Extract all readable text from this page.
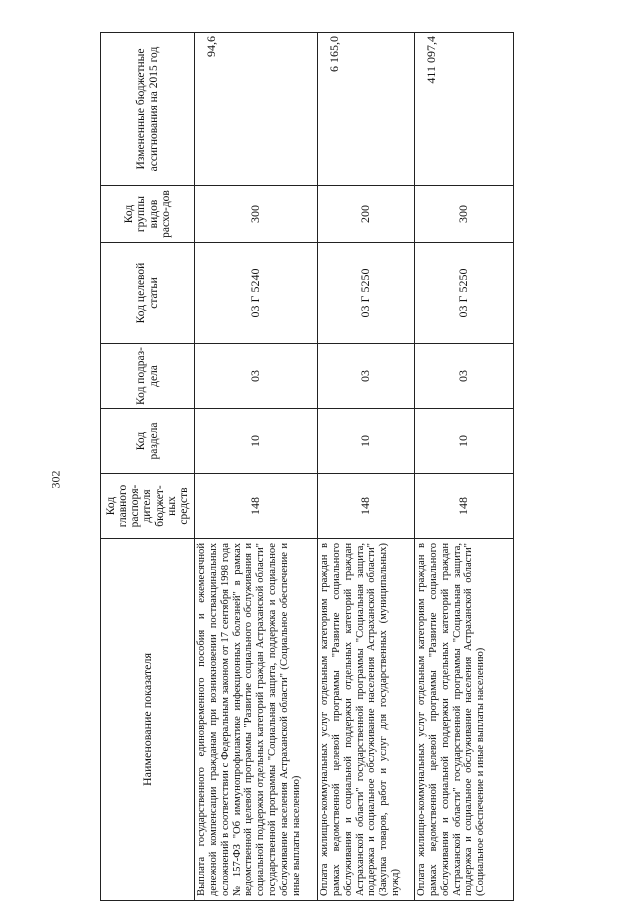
302
Наименование показателя	Код главного распоря-дителя бюджет-ных средств	Код раздела	Код подраз-дела	Код целевой статьи	Код группы видов расхо-дов	Измененные бюджетные ассигнования на 2015 год
Выплата государственного единовременного пособия и ежемесячной денежной компенсации гражданам при возникновении поствакцинальных осложнений в соответствии с Федеральным законом от 17 сентября 1998 года № 157-ФЗ "Об иммунопрофилактике инфекционных болезней" в рамках ведомственной целевой программы "Развитие социального обслуживания и социальной поддержки отдельных категорий граждан Астраханской области" государственной программы "Социальная защита, поддержка и социальное обслуживание населения Астраханской области" (Социальное обеспечение и иные выплаты населению)	148	10	03	03 Г 5240	300	94,6
Оплата жилищно-коммунальных услуг отдельным категориям граждан в рамках ведомственной целевой программы "Развитие социального обслуживания и социальной поддержки отдельных категорий граждан Астраханской области" государственной программы "Социальная защита, поддержка и социальное обслуживание населения Астраханской области" (Закупка товаров, работ и услуг для государственных (муниципальных) нужд)	148	10	03	03 Г 5250	200	6 165,0
Оплата жилищно-коммунальных услуг отдельным категориям граждан в рамках ведомственной целевой программы "Развитие социального обслуживания и социальной поддержки отдельных категорий граждан Астраханской области" государственной программы "Социальная защита, поддержка и социальное обслуживание населения Астраханской области" (Социальное обеспечение и иные выплаты населению)	148	10	03	03 Г 5250	300	411 097,4
